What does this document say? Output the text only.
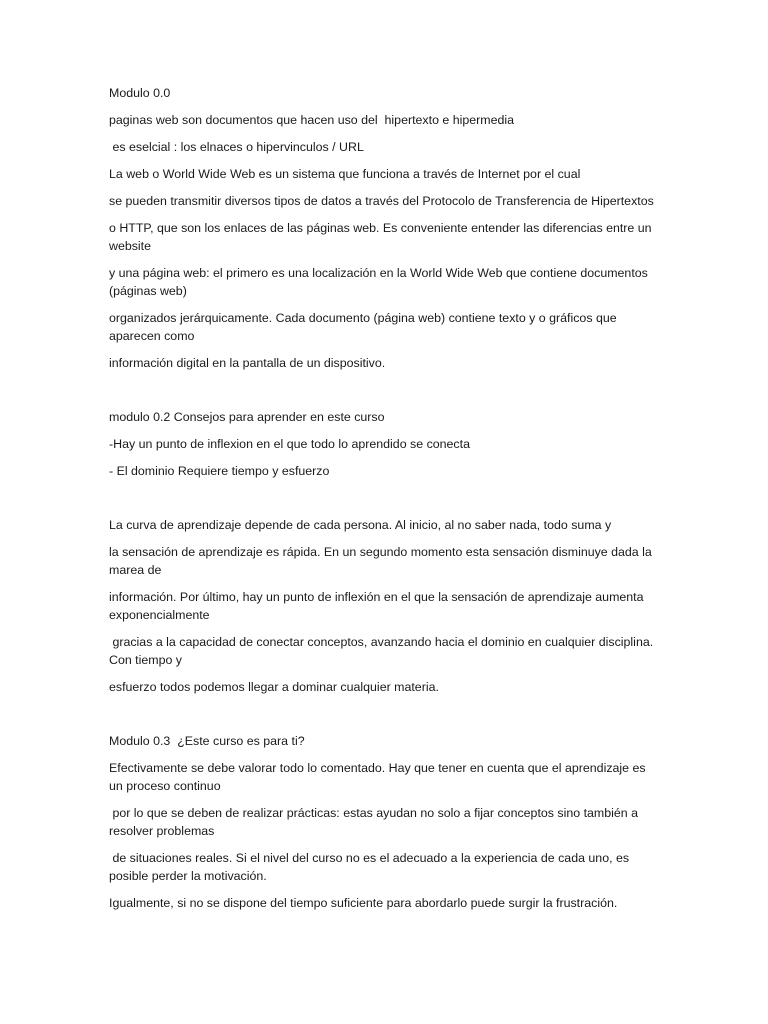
Modulo 0.0

paginas web son documentos que hacen uso del  hipertexto e hipermedia

es eselcial : los elnaces o hipervinculos / URL

La web o World Wide Web es un sistema que funciona a través de Internet por el cual

se pueden transmitir diversos tipos de datos a través del Protocolo de Transferencia de Hipertextos

o HTTP, que son los enlaces de las páginas web. Es conveniente entender las diferencias entre un website

y una página web: el primero es una localización en la World Wide Web que contiene documentos (páginas web)

organizados jerárquicamente. Cada documento (página web) contiene texto y o gráficos que aparecen como

información digital en la pantalla de un dispositivo.

modulo 0.2 Consejos para aprender en este curso

-Hay un punto de inflexion en el que todo lo aprendido se conecta

- El dominio Requiere tiempo y esfuerzo

La curva de aprendizaje depende de cada persona. Al inicio, al no saber nada, todo suma y

la sensación de aprendizaje es rápida. En un segundo momento esta sensación disminuye dada la marea de

información. Por último, hay un punto de inflexión en el que la sensación de aprendizaje aumenta exponencialmente

gracias a la capacidad de conectar conceptos, avanzando hacia el dominio en cualquier disciplina. Con tiempo y

esfuerzo todos podemos llegar a dominar cualquier materia.

Modulo 0.3  ¿Este curso es para ti?

Efectivamente se debe valorar todo lo comentado. Hay que tener en cuenta que el aprendizaje es un proceso continuo

por lo que se deben de realizar prácticas: estas ayudan no solo a fijar conceptos sino también a resolver problemas

de situaciones reales. Si el nivel del curso no es el adecuado a la experiencia de cada uno, es posible perder la motivación.

Igualmente, si no se dispone del tiempo suficiente para abordarlo puede surgir la frustración.
